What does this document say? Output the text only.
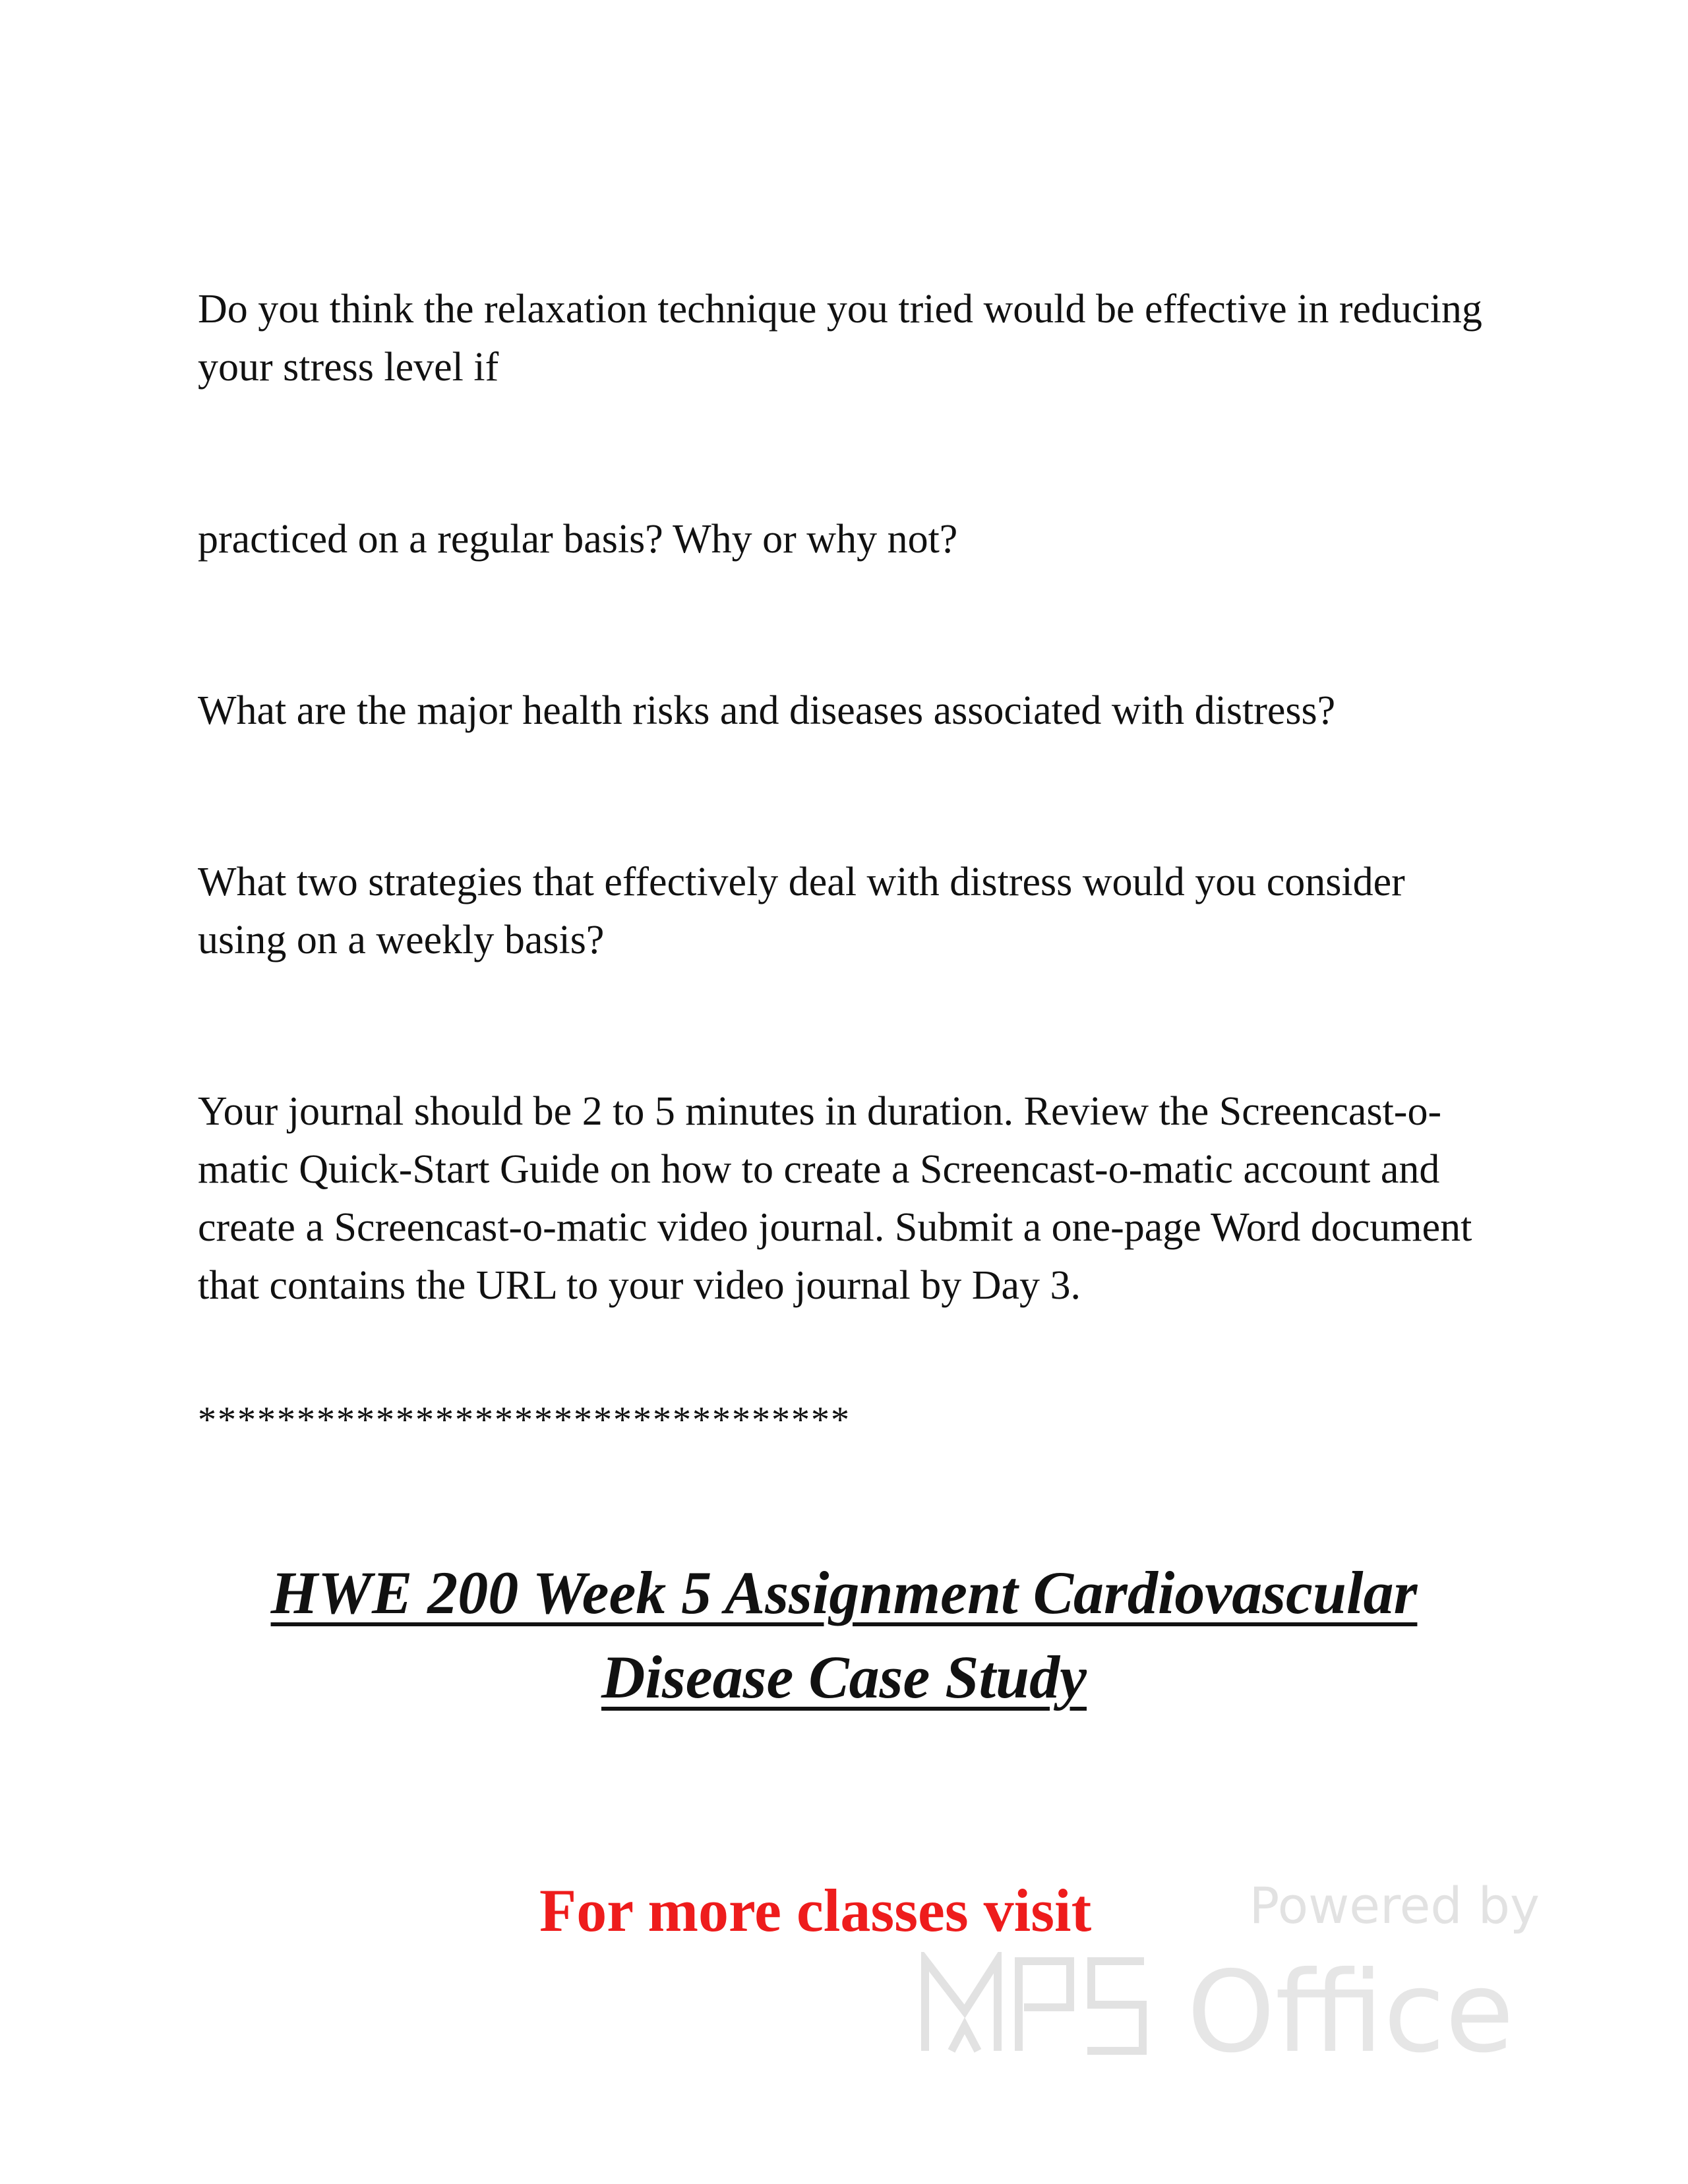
Do you think the relaxation technique you tried would be effective in reducing your stress level if

practiced on a regular basis? Why or why not?

What are the major health risks and diseases associated with distress?

What two strategies that effectively deal with distress would you consider using on a weekly basis?

Your journal should be 2 to 5 minutes in duration. Review the Screencast-o-matic Quick-Start Guide on how to create a Screencast-o-matic account and create a Screencast-o-matic video journal. Submit a one-page Word document that contains the URL to your video journal by Day 3.

*********************************

HWE 200 Week 5 Assignment Cardiovascular

Disease Case Study

For more classes visit	Powered by
Office
